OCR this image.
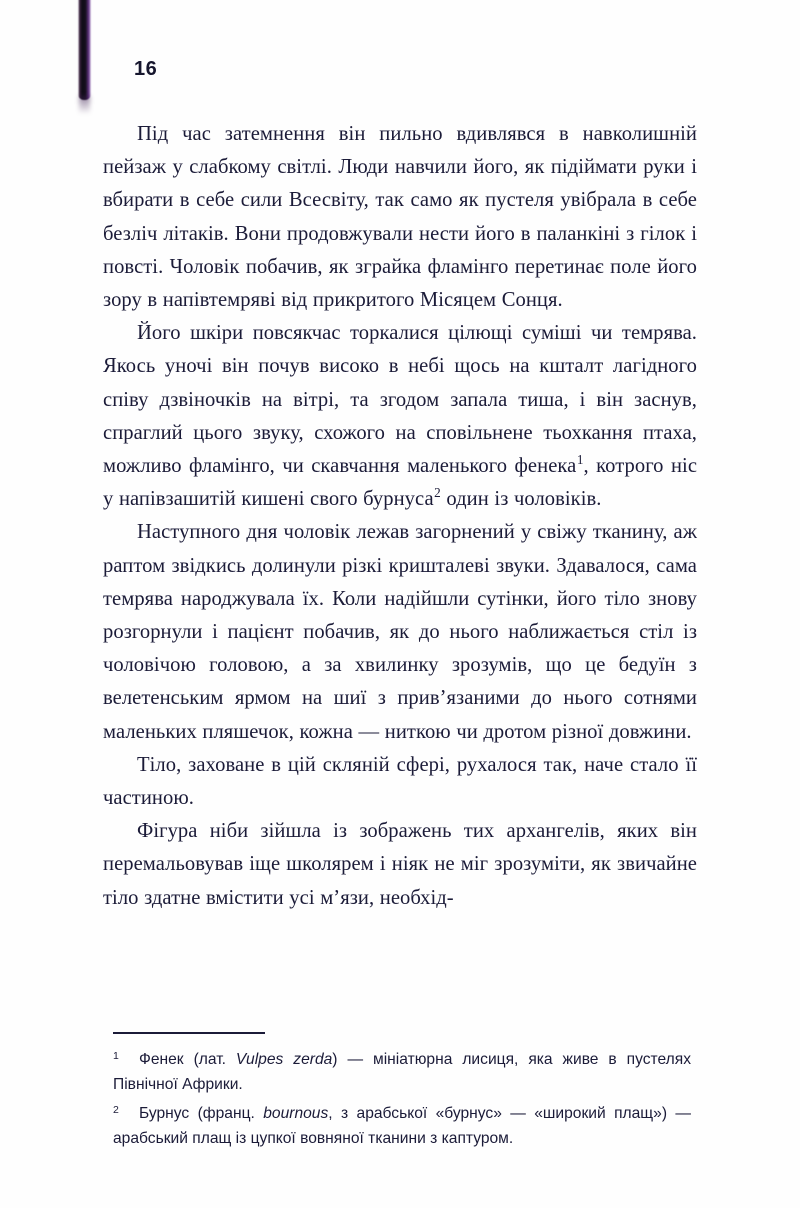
16

Під час затемнення він пильно вдивлявся в навколишній пейзаж у слабкому світлі. Люди навчили його, як підіймати руки і вбирати в себе сили Всесвіту, так само як пустеля увібрала в себе безліч літаків. Вони продовжували нести його в паланкіні з гілок і повсті. Чоловік побачив, як зграйка фламінго перетинає поле його зору в напівтемряві від прикритого Місяцем Сонця.

Його шкіри повсякчас торкалися цілющі суміші чи темрява. Якось уночі він почув високо в небі щось на кшталт лагідного співу дзвіночків на вітрі, та згодом запала тиша, і він заснув, спраглий цього звуку, схожого на сповільнене тьохкання птаха, можливо фламінго, чи скавчання маленького фенека$^1$, котрого ніс у напівзашитій кишені свого бурнуса$^2$ один із чоловіків.

Наступного дня чоловік лежав загорнений у свіжу тканину, аж раптом звідкись долинули різкі кришталеві звуки. Здавалося, сама темрява народжувала їх. Коли надійшли сутінки, його тіло знову розгорнули і пацієнт побачив, як до нього наближається стіл із чоловічою головою, а за хвилинку зрозумів, що це бедуїн з велетенським ярмом на шиї з прив’язаними до нього сотнями маленьких пляшечок, кожна — ниткою чи дротом різної довжини.

Тіло, заховане в цій скляній сфері, рухалося так, наче стало її частиною.

Фігура ніби зійшла із зображень тих архангелів, яких він перемальовував іще школярем і ніяк не міг зрозуміти, як звичайне тіло здатне вмістити усі м’язи, необхід-

1 Фенек (лат. Vulpes zerda) — мініатюрна лисиця, яка живе в пустелях Північної Африки.
2 Бурнус (франц. bournous, з арабської «бурнус» — «широкий плащ») — арабський плащ із цупкої вовняної тканини з каптуром.
